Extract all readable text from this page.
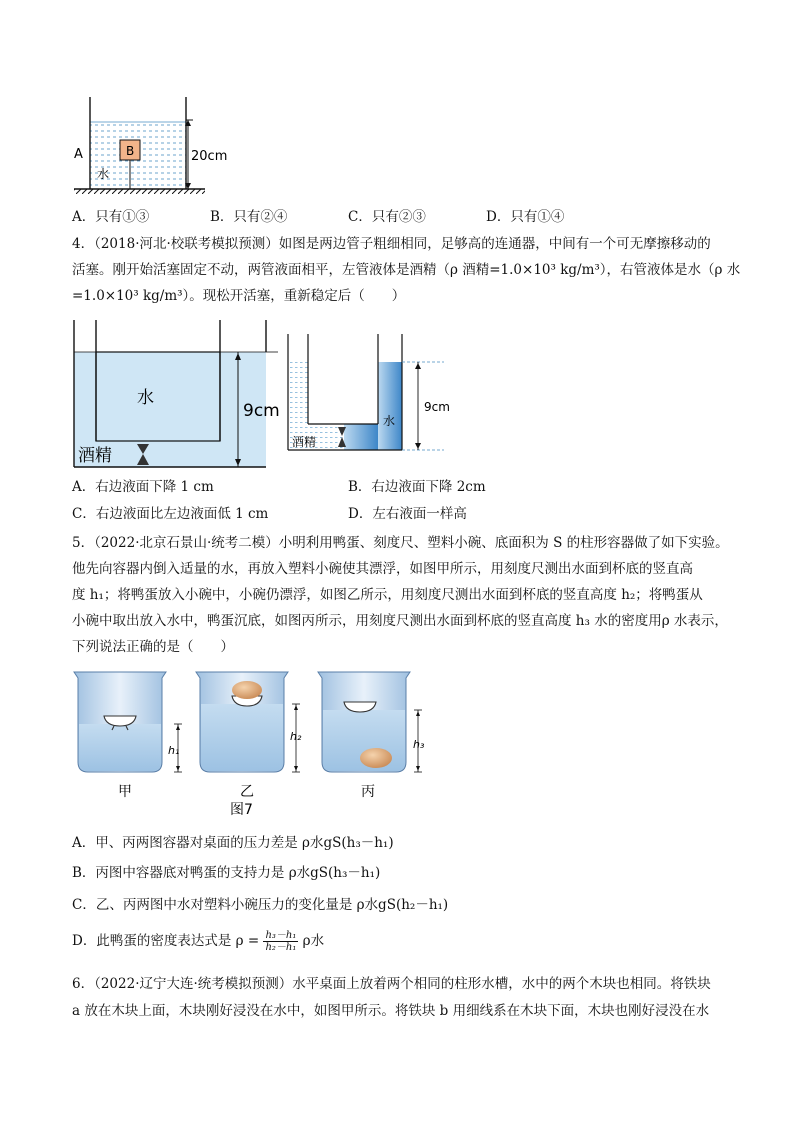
B
A
水
20cm
A．只有①③	B．只有②④	C．只有②③	D．只有①④
4．（2018·河北·校联考模拟预测）如图是两边管子粗细相同，足够高的连通器，中间有一个可无摩擦移动的
活塞。刚开始活塞固定不动，两管液面相平，左管液体是酒精（ρ 酒精=1.0×10³ kg/m³），右管液体是水（ρ 水
=1.0×10³ kg/m³）。现松开活塞，重新稳定后（　　）
水
酒精
9cm
酒精
水
9cm
A．右边液面下降 1 cm	B．右边液面下降 2cm
C．右边液面比左边液面低 1 cm	D．左右液面一样高
5．（2022·北京石景山·统考二模）小明利用鸭蛋、刻度尺、塑料小碗、底面积为 S 的柱形容器做了如下实验。
他先向容器内倒入适量的水，再放入塑料小碗使其漂浮，如图甲所示，用刻度尺测出水面到杯底的竖直高
度 h₁；将鸭蛋放入小碗中，小碗仍漂浮，如图乙所示，用刻度尺测出水面到杯底的竖直高度 h₂；将鸭蛋从
小碗中取出放入水中，鸭蛋沉底，如图丙所示，用刻度尺测出水面到杯底的竖直高度 h₃ 水的密度用ρ 水表示，
下列说法正确的是（　　）
h₁
h₂
h₃
甲	乙	丙
图7
A．甲、丙两图容器对桌面的压力差是 ρ水gS(h₃－h₁)
B．丙图中容器底对鸭蛋的支持力是 ρ水gS(h₃－h₁)
C．乙、丙两图中水对塑料小碗压力的变化量是 ρ水gS(h₂－h₁)
D．此鸭蛋的密度表达式是 $\rho = \frac{\text{h₃－h₁}}{\text{h₂－h₁}}$ ρ水
6．（2022·辽宁大连·统考模拟预测）水平桌面上放着两个相同的柱形水槽，水中的两个木块也相同。将铁块
a 放在木块上面，木块刚好浸没在水中，如图甲所示。将铁块 b 用细线系在木块下面，木块也刚好浸没在水
